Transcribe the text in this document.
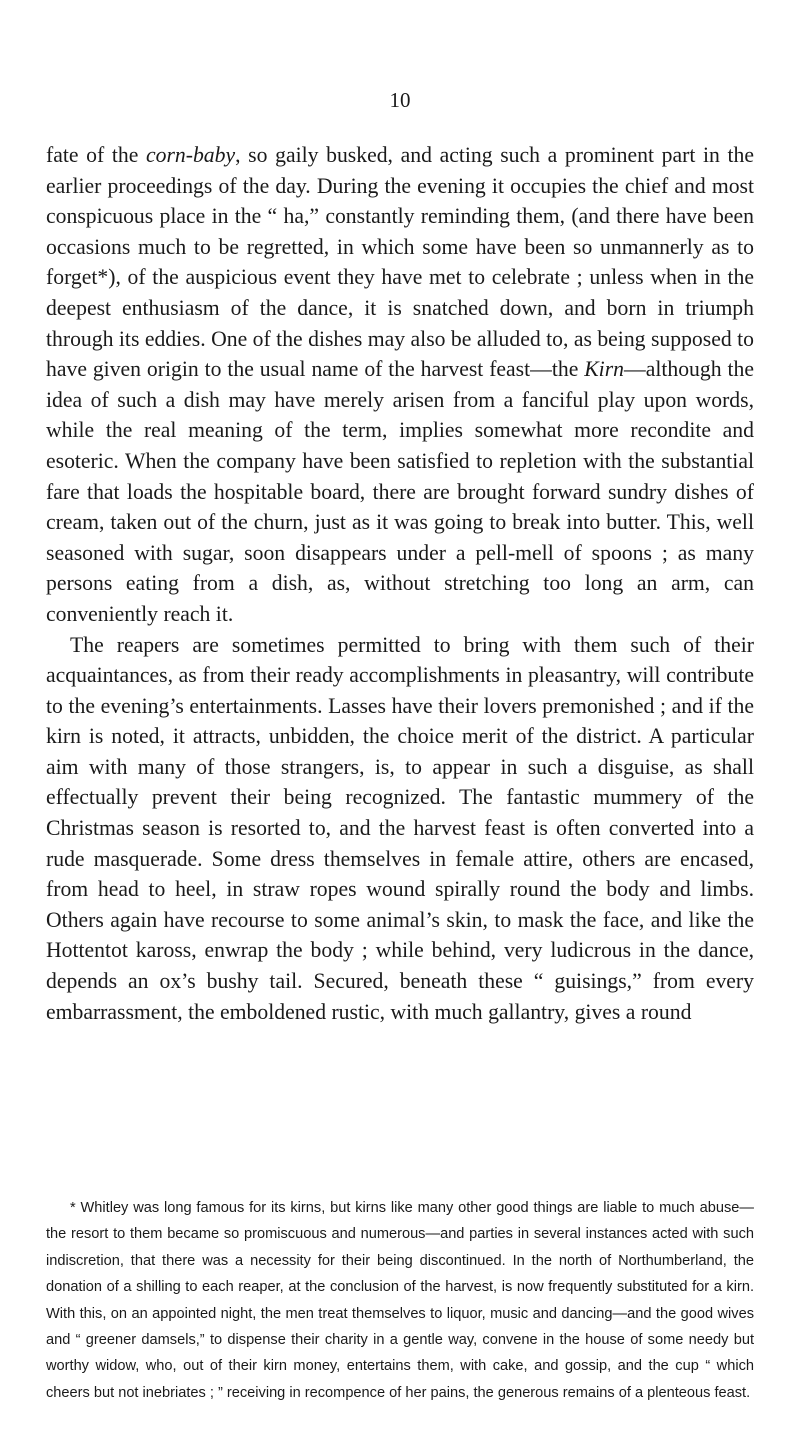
10

fate of the corn-baby, so gaily busked, and acting such a prominent part in the earlier proceedings of the day. During the evening it occupies the chief and most conspicuous place in the “ ha,” constantly reminding them, (and there have been occasions much to be regretted, in which some have been so unmannerly as to forget*), of the auspicious event they have met to celebrate ; unless when in the deepest enthusiasm of the dance, it is snatched down, and born in triumph through its eddies. One of the dishes may also be alluded to, as being supposed to have given origin to the usual name of the harvest feast—the Kirn—although the idea of such a dish may have merely arisen from a fanciful play upon words, while the real meaning of the term, implies somewhat more recondite and esoteric. When the company have been satisfied to repletion with the substantial fare that loads the hospitable board, there are brought forward sundry dishes of cream, taken out of the churn, just as it was going to break into butter. This, well seasoned with sugar, soon disappears under a pell-mell of spoons ; as many persons eating from a dish, as, without stretching too long an arm, can conveniently reach it.

The reapers are sometimes permitted to bring with them such of their acquaintances, as from their ready accomplishments in pleasantry, will contribute to the evening’s entertainments. Lasses have their lovers premonished ; and if the kirn is noted, it attracts, unbidden, the choice merit of the district. A particular aim with many of those strangers, is, to appear in such a disguise, as shall effectually prevent their being recognized. The fantastic mummery of the Christmas season is resorted to, and the harvest feast is often converted into a rude masquerade. Some dress themselves in female attire, others are encased, from head to heel, in straw ropes wound spirally round the body and limbs. Others again have recourse to some animal’s skin, to mask the face, and like the Hottentot kaross, enwrap the body ; while behind, very ludicrous in the dance, depends an ox’s bushy tail. Secured, beneath these “ guisings,” from every embarrassment, the emboldened rustic, with much gallantry, gives a round

* Whitley was long famous for its kirns, but kirns like many other good things are liable to much abuse—the resort to them became so promiscuous and numerous—and parties in several instances acted with such indiscretion, that there was a necessity for their being discontinued. In the north of Northumberland, the donation of a shilling to each reaper, at the conclusion of the harvest, is now frequently substituted for a kirn. With this, on an appointed night, the men treat themselves to liquor, music and dancing—and the good wives and “ greener damsels,” to dispense their charity in a gentle way, convene in the house of some needy but worthy widow, who, out of their kirn money, entertains them, with cake, and gossip, and the cup “ which cheers but not inebriates ; ” receiving in recompence of her pains, the generous remains of a plenteous feast.
